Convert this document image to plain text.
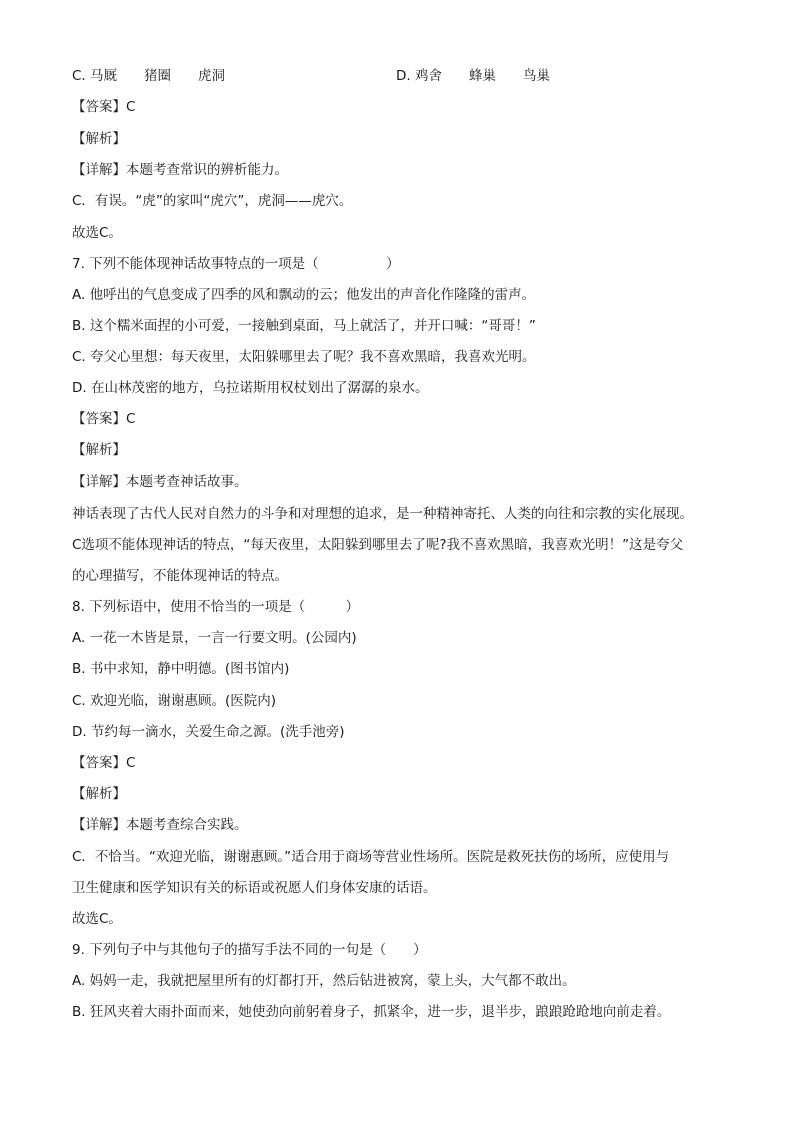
C. 马厩　　猪圈　　虎洞	D. 鸡舍　　蜂巢　　鸟巢
【答案】C
【解析】
【详解】本题考查常识的辨析能力。
C．有误。“虎”的家叫“虎穴”，虎洞——虎穴。
故选C。
7. 下列不能体现神话故事特点的一项是（　　　　　）
A. 他呼出的气息变成了四季的风和飘动的云；他发出的声音化作隆隆的雷声。
B. 这个糯米面捏的小可爱，一接触到桌面，马上就活了，并开口喊：“哥哥！”
C. 夸父心里想：每天夜里，太阳躲哪里去了呢？我不喜欢黑暗，我喜欢光明。
D. 在山林茂密的地方，乌拉诺斯用权杖划出了潺潺的泉水。
【答案】C
【解析】
【详解】本题考查神话故事。
神话表现了古代人民对自然力的斗争和对理想的追求，是一种精神寄托、人类的向往和宗教的实化展现。
C选项不能体现神话的特点，“每天夜里，太阳躲到哪里去了呢?我不喜欢黑暗，我喜欢光明！”这是夸父
的心理描写，不能体现神话的特点。
8. 下列标语中，使用不恰当的一项是（　　　）
A. 一花一木皆是景，一言一行要文明。(公园内)
B. 书中求知，静中明德。(图书馆内)
C. 欢迎光临，谢谢惠顾。(医院内)
D. 节约每一滴水，关爱生命之源。(洗手池旁)
【答案】C
【解析】
【详解】本题考查综合实践。
C．不恰当。“欢迎光临，谢谢惠顾。”适合用于商场等营业性场所。医院是救死扶伤的场所，应使用与
卫生健康和医学知识有关的标语或祝愿人们身体安康的话语。
故选C。
9. 下列句子中与其他句子的描写手法不同的一句是（　　）
A. 妈妈一走，我就把屋里所有的灯都打开，然后钻进被窝，蒙上头，大气都不敢出。
B. 狂风夹着大雨扑面而来，她使劲向前躬着身子，抓紧伞，进一步，退半步，踉踉跄跄地向前走着。
